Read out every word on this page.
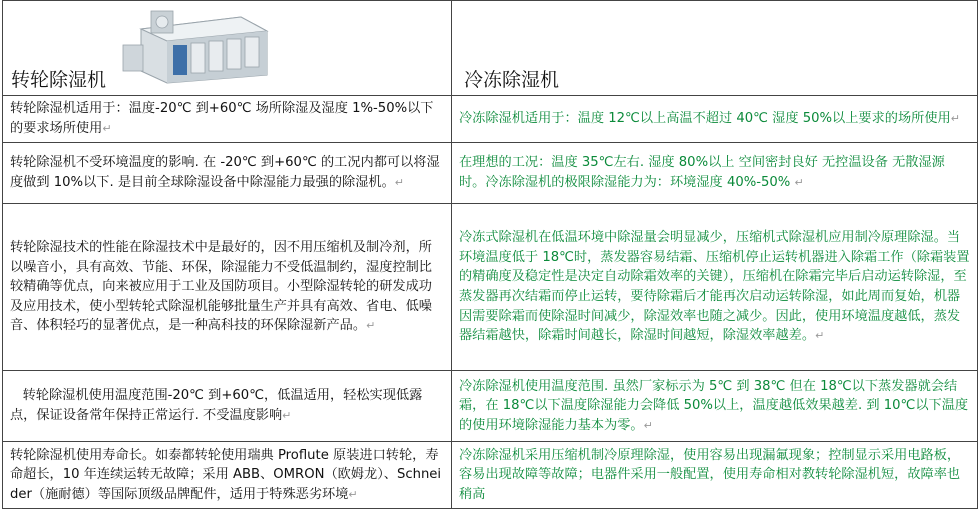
转轮除湿机	冷冻除湿机

转轮除湿机适用于：温度-20℃ 到+60℃ 场所除湿及湿度 1%-50%以下的要求场所使用↵	冷冻除湿机适用于：温度 12℃以上高温不超过 40℃ 湿度 50%以上要求的场所使用↵
转轮除湿机不受环境温度的影响. 在 -20℃ 到+60℃ 的工况内都可以将湿度做到 10%以下. 是目前全球除湿设备中除湿能力最强的除湿机。↵	在理想的工况：温度 35℃左右. 湿度 80%以上 空间密封良好 无控温设备 无散湿源时。冷冻除湿机的极限除湿能力为：环境湿度 40%-50% ↵
转轮除湿技术的性能在除湿技术中是最好的，因不用压缩机及制冷剂，所以噪音小，具有高效、节能、环保，除湿能力不受低温制约，湿度控制比较精确等优点，向来被应用于工业及国防项目。小型除湿转轮的研发成功及应用技术，使小型转轮式除湿机能够批量生产并具有高效、省电、低噪音、体积轻巧的显著优点，是一种高科技的环保除湿新产品。↵	冷冻式除湿机在低温环境中除湿量会明显减少，压缩机式除湿机应用制冷原理除湿。当环境温度低于 18℃时，蒸发器容易结霜、压缩机停止运转机器进入除霜工作（除霜装置的精确度及稳定性是决定自动除霜效率的关键），压缩机在除霜完毕后启动运转除湿，至蒸发器再次结霜而停止运转，要待除霜后才能再次启动运转除湿，如此周而复始，机器因需要除霜而使除湿时间减少，除湿效率也随之减少。因此，使用环境温度越低，蒸发器结霜越快，除霜时间越长，除湿时间越短，除湿效率越差。↵
转轮除湿机使用温度范围-20℃ 到+60℃，低温适用，轻松实现低露点，保证设备常年保持正常运行. 不受温度影响↵	冷冻除湿机使用温度范围. 虽然厂家标示为 5℃ 到 38℃ 但在 18℃以下蒸发器就会结霜，在 18℃以下温度除湿能力会降低 50%以上，温度越低效果越差. 到 10℃以下温度的使用环境除湿能力基本为零。↵
转轮除湿机使用寿命长。如泰都转轮使用瑞典 Proflute 原装进口转轮，寿命超长，10 年连续运转无故障；采用 ABB、OMRON（欧姆龙）、Schneider（施耐德）等国际顶级品牌配件，适用于特殊恶劣环境↵	冷冻除湿机采用压缩机制冷原理除湿，使用容易出现漏氟现象；控制显示采用电路板，容易出现故障等故障；电器件采用一般配置，使用寿命相对教转轮除湿机短，故障率也稍高
